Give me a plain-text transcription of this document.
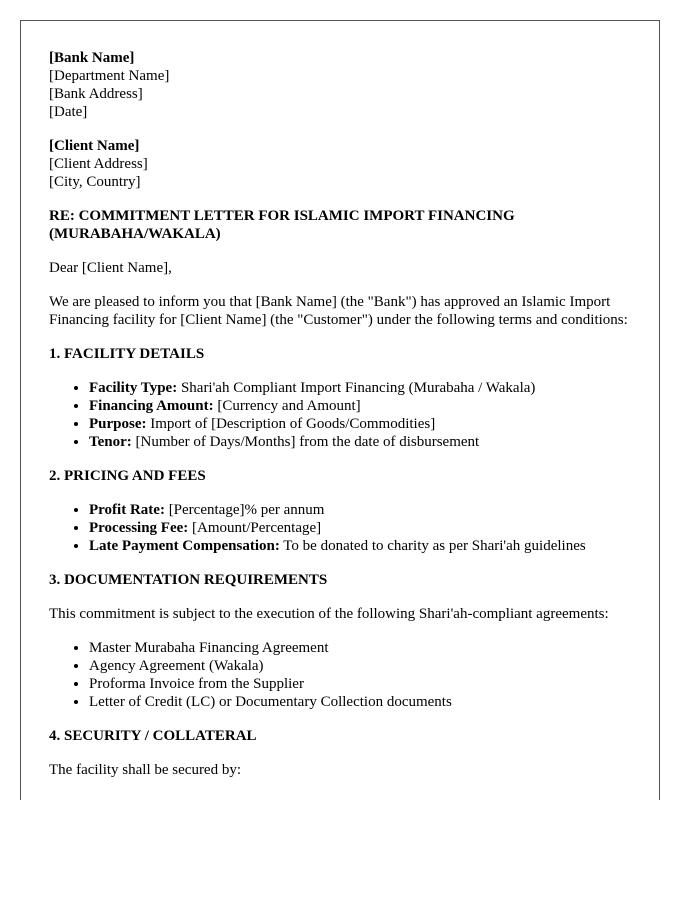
[Bank Name]
[Department Name]
[Bank Address]
[Date]
[Client Name]
[Client Address]
[City, Country]
RE: COMMITMENT LETTER FOR ISLAMIC IMPORT FINANCING (MURABAHA/WAKALA)

Dear [Client Name],

We are pleased to inform you that [Bank Name] (the "Bank") has approved an Islamic Import Financing facility for [Client Name] (the "Customer") under the following terms and conditions:

1. FACILITY DETAILS
• Facility Type: Shari'ah Compliant Import Financing (Murabaha / Wakala)
• Financing Amount: [Currency and Amount]
• Purpose: Import of [Description of Goods/Commodities]
• Tenor: [Number of Days/Months] from the date of disbursement
2. PRICING AND FEES
• Profit Rate: [Percentage]% per annum
• Processing Fee: [Amount/Percentage]
• Late Payment Compensation: To be donated to charity as per Shari'ah guidelines
3. DOCUMENTATION REQUIREMENTS

This commitment is subject to the execution of the following Shari'ah-compliant agreements:

• Master Murabaha Financing Agreement
• Agency Agreement (Wakala)
• Proforma Invoice from the Supplier
• Letter of Credit (LC) or Documentary Collection documents
4. SECURITY / COLLATERAL

The facility shall be secured by:
